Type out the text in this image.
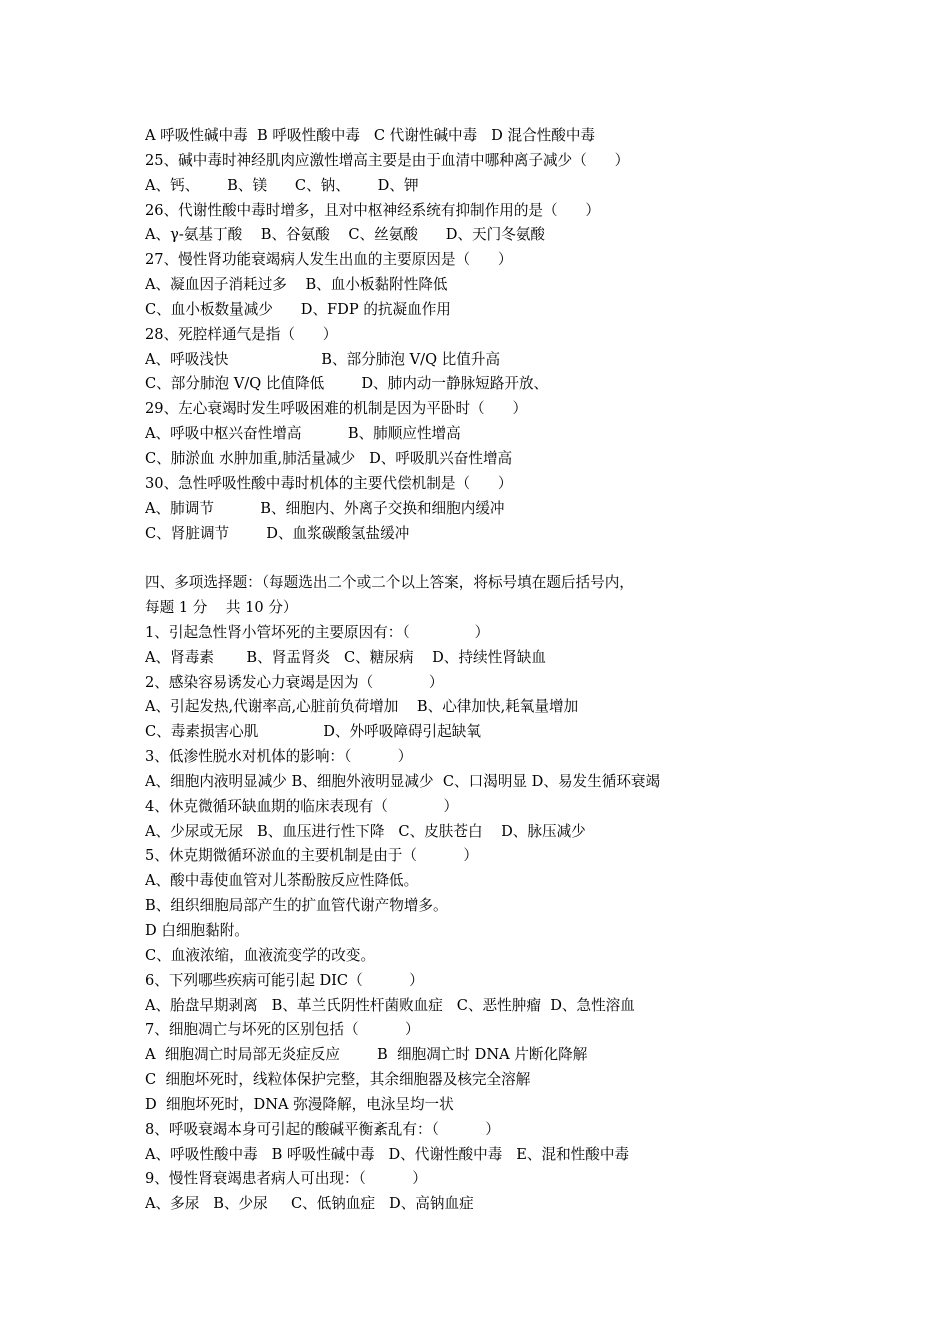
A 呼吸性碱中毒  B 呼吸性酸中毒   C 代谢性碱中毒   D 混合性酸中毒
25、碱中毒时神经肌肉应激性增高主要是由于血清中哪种离子减少（      ）
A、钙、      B、镁      C、钠、      D、钾
26、代谢性酸中毒时增多，且对中枢神经系统有抑制作用的是（      ）
A、γ-氨基丁酸    B、谷氨酸    C、丝氨酸      D、天门冬氨酸
27、慢性肾功能衰竭病人发生出血的主要原因是（      ）
A、凝血因子消耗过多    B、血小板黏附性降低
C、血小板数量减少      D、FDP 的抗凝血作用
28、死腔样通气是指（      ）
A、呼吸浅快                    B、部分肺泡 V/Q 比值升高
C、部分肺泡 V/Q 比值降低        D、肺内动一静脉短路开放、
29、左心衰竭时发生呼吸困难的机制是因为平卧时（      ）
A、呼吸中枢兴奋性增高          B、肺顺应性增高
C、肺淤血 水肿加重,肺活量减少   D、呼吸肌兴奋性增高
30、急性呼吸性酸中毒时机体的主要代偿机制是（      ）
A、肺调节          B、细胞内、外离子交换和细胞内缓冲
C、肾脏调节        D、血浆碳酸氢盐缓冲
四、多项选择题：（每题选出二个或二个以上答案，将标号填在题后括号内，
每题 1 分    共 10 分）
1、引起急性肾小管坏死的主要原因有：（              ）
A、肾毒素       B、肾盂肾炎   C、糖尿病    D、持续性肾缺血
2、感染容易诱发心力衰竭是因为（            ）
A、引起发热,代谢率高,心脏前负荷增加    B、心律加快,耗氧量增加
C、毒素损害心肌              D、外呼吸障碍引起缺氧
3、低渗性脱水对机体的影响：（          ）
A、细胞内液明显减少 B、细胞外液明显减少  C、口渴明显 D、易发生循环衰竭
4、休克微循环缺血期的临床表现有（            ）
A、少尿或无尿   B、血压进行性下降   C、皮肤苍白    D、脉压减少
5、休克期微循环淤血的主要机制是由于（          ）
A、酸中毒使血管对儿茶酚胺反应性降低。
B、组织细胞局部产生的扩血管代谢产物增多。
D 白细胞黏附。
C、血液浓缩，血液流变学的改变。
6、下列哪些疾病可能引起 DIC（          ）
A、胎盘早期剥离   B、革兰氏阴性杆菌败血症   C、恶性肿瘤  D、急性溶血
7、细胞凋亡与坏死的区别包括（          ）
A  细胞凋亡时局部无炎症反应        B  细胞凋亡时 DNA 片断化降解
C  细胞坏死时，线粒体保护完整，其余细胞器及核完全溶解
D  细胞坏死时，DNA 弥漫降解，电泳呈均一状
8、呼吸衰竭本身可引起的酸碱平衡紊乱有：（          ）
A、呼吸性酸中毒   B 呼吸性碱中毒   D、代谢性酸中毒   E、混和性酸中毒
9、慢性肾衰竭患者病人可出现：（          ）
A、多尿   B、少尿     C、低钠血症   D、高钠血症
